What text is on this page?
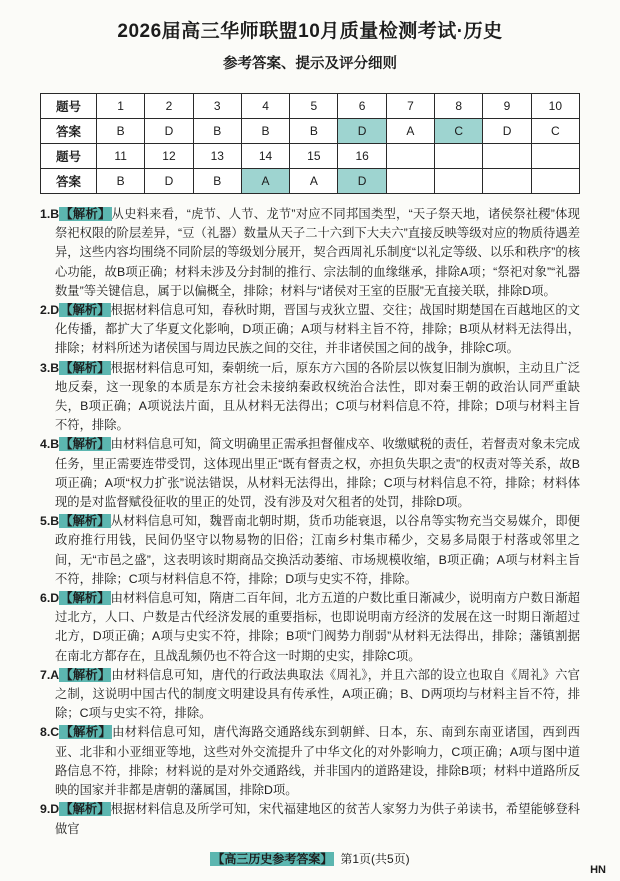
2026届高三华师联盟10月质量检测考试·历史
参考答案、提示及评分细则
题号	1	2	3	4	5	6	7	8	9	10
答案	B	D	B	B	B	D	A	C	D	C
题号	11	12	13	14	15	16				
答案	B	D	B	A	A	D				

1.B【解析】从史料来看，“虎节、人节、龙节”对应不同邦国类型，“天子祭天地，诸侯祭社稷”体现祭祀权限的阶层差异，“豆（礼器）数量从天子二十六到下大夫六”直接反映等级对应的物质待遇差异，这些内容均围绕不同阶层的等级划分展开，契合西周礼乐制度“以礼定等级、以乐和秩序”的核心功能，故B项正确；材料未涉及分封制的推行、宗法制的血缘继承，排除A项；“祭祀对象”“礼器数量”等关键信息，属于以偏概全，排除；材料与“诸侯对王室的臣服”无直接关联，排除D项。

2.D【解析】根据材料信息可知，春秋时期，晋国与戎狄立盟、交往；战国时期楚国在百越地区的文化传播，都扩大了华夏文化影响，D项正确；A项与材料主旨不符，排除；B项从材料无法得出，排除；材料所述为诸侯国与周边民族之间的交往，并非诸侯国之间的战争，排除C项。

3.B【解析】根据材料信息可知，秦朝统一后，原东方六国的各阶层以恢复旧制为旗帜，主动且广泛地反秦，这一现象的本质是东方社会未接纳秦政权统治合法性，即对秦王朝的政治认同严重缺失，B项正确；A项说法片面，且从材料无法得出；C项与材料信息不符，排除；D项与材料主旨不符，排除。

4.B【解析】由材料信息可知，简文明确里正需承担督催戍卒、收缴赋税的责任，若督责对象未完成任务，里正需要连带受罚，这体现出里正“既有督责之权，亦担负失职之责”的权责对等关系，故B项正确；A项“权力扩张”说法错误，从材料无法得出，排除；C项与材料信息不符，排除；材料体现的是对监督赋役征收的里正的处罚，没有涉及对欠租者的处罚，排除D项。

5.B【解析】从材料信息可知，魏晋南北朝时期，货币功能衰退，以谷帛等实物充当交易媒介，即便政府推行用钱，民间仍坚守以物易物的旧俗；江南乡村集市稀少，交易多局限于村落或邻里之间，无“市邑之盛”，这表明该时期商品交换活动萎缩、市场规模收缩，B项正确；A项与材料主旨不符，排除；C项与材料信息不符，排除；D项与史实不符，排除。

6.D【解析】由材料信息可知，隋唐二百年间，北方五道的户数比重日渐减少，说明南方户数日渐超过北方，人口、户数是古代经济发展的重要指标，也即说明南方经济的发展在这一时期日渐超过北方，D项正确；A项与史实不符，排除；B项“门阀势力削弱”从材料无法得出，排除；藩镇割据在南北方都存在，且战乱频仍也不符合这一时期的史实，排除C项。

7.A【解析】由材料信息可知，唐代的行政法典取法《周礼》，并且六部的设立也取自《周礼》六官之制，这说明中国古代的制度文明建设具有传承性，A项正确；B、D两项均与材料主旨不符，排除；C项与史实不符，排除。

8.C【解析】由材料信息可知，唐代海路交通路线东到朝鲜、日本，东、南到东南亚诸国，西到西亚、北非和小亚细亚等地，这些对外交流提升了中华文化的对外影响力，C项正确；A项与图中道路信息不符，排除；材料说的是对外交通路线，并非国内的道路建设，排除B项；材料中道路所反映的国家并非都是唐朝的藩属国，排除D项。

9.D【解析】根据材料信息及所学可知，宋代福建地区的贫苦人家努力为供子弟读书，希望能够登科做官

【高三历史参考答案】 第1页(共5页)
HN
